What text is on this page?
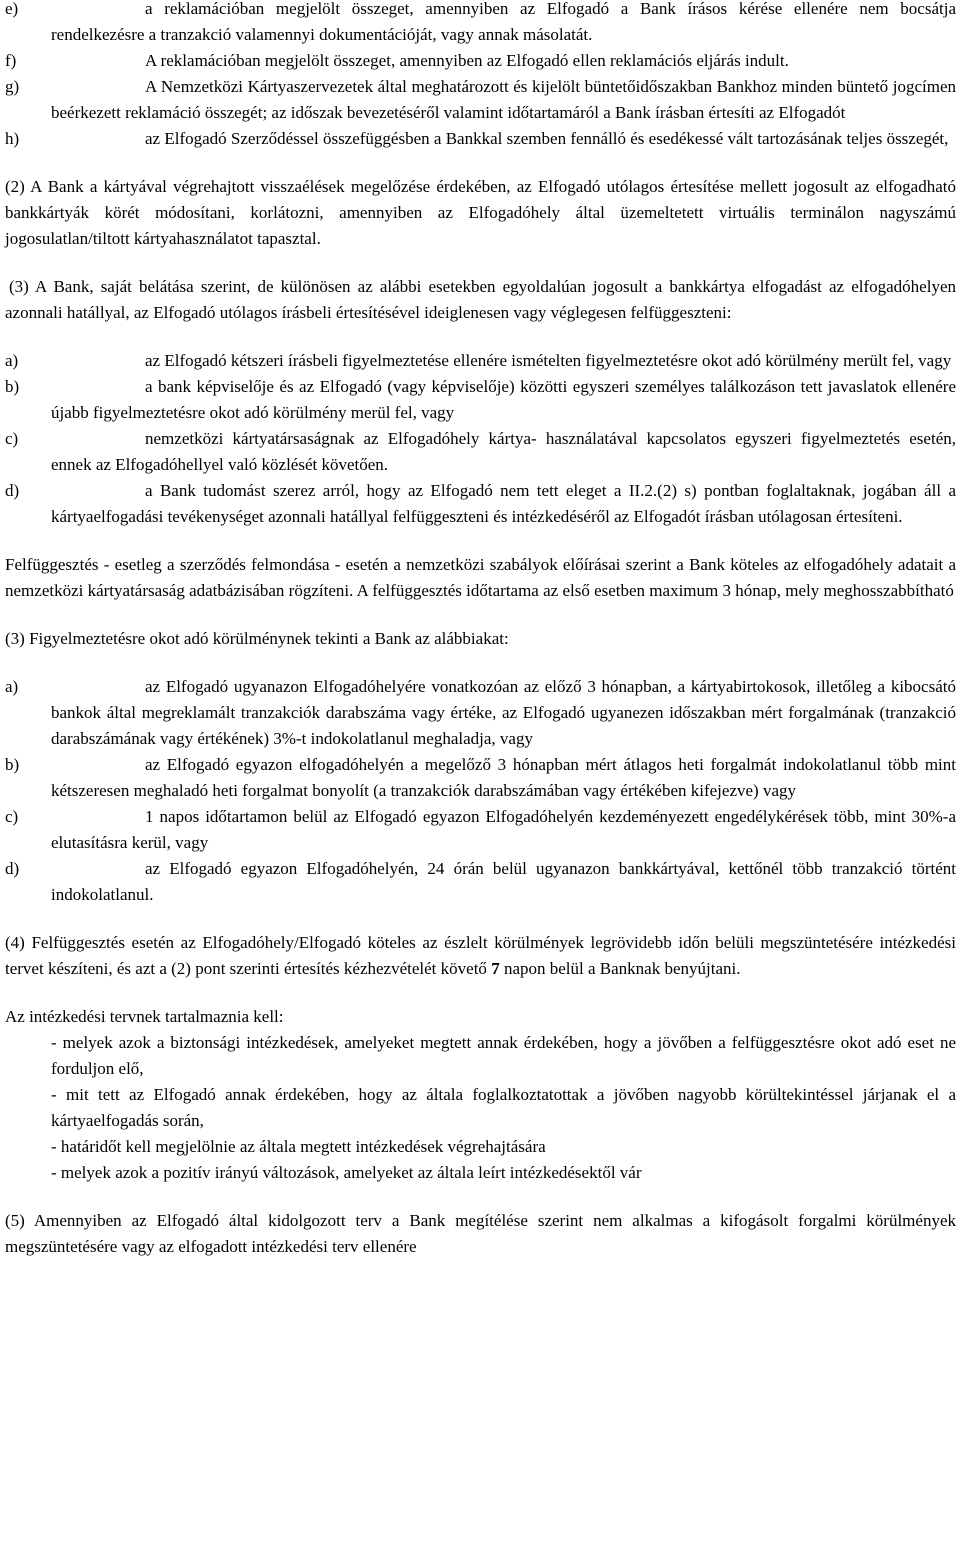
e)	a reklamációban megjelölt összeget, amennyiben az Elfogadó a Bank írásos kérése ellenére nem bocsátja rendelkezésre a tranzakció valamennyi dokumentációját, vagy annak másolatát.
f)	A reklamációban megjelölt összeget, amennyiben az Elfogadó ellen reklamációs eljárás indult.
g)	A Nemzetközi Kártyaszervezetek által meghatározott és kijelölt büntetőidőszakban Bankhoz minden büntető jogcímen beérkezett reklamáció összegét; az időszak bevezetéséről valamint időtartamáról a Bank írásban értesíti az Elfogadót
h)	az Elfogadó Szerződéssel összefüggésben a Bankkal szemben fennálló és esedékessé vált tartozásának teljes összegét,
(2) A Bank a kártyával végrehajtott visszaélések megelőzése érdekében, az Elfogadó utólagos értesítése mellett jogosult az elfogadható bankkártyák körét módosítani, korlátozni, amennyiben az Elfogadóhely által üzemeltetett virtuális terminálon nagyszámú jogosulatlan/tiltott kártyahasználatot tapasztal.
(3) A Bank, saját belátása szerint, de különösen az alábbi esetekben egyoldalúan jogosult a bankkártya elfogadást az elfogadóhelyen azonnali hatállyal, az Elfogadó utólagos írásbeli értesítésével ideiglenesen vagy véglegesen felfüggeszteni:
a)	az Elfogadó kétszeri írásbeli figyelmeztetése ellenére ismételten figyelmeztetésre okot adó körülmény merült fel, vagy
b)	a bank képviselője és az Elfogadó (vagy képviselője) közötti egyszeri személyes találkozáson tett javaslatok ellenére újabb figyelmeztetésre okot adó körülmény merül fel, vagy
c)	nemzetközi kártyatársaságnak az Elfogadóhely kártya- használatával kapcsolatos egyszeri figyelmeztetés esetén, ennek az Elfogadóhellyel való közlését követően.
d)	a Bank tudomást szerez arról, hogy az Elfogadó nem tett eleget a II.2.(2) s) pontban foglaltaknak, jogában áll a kártyaelfogadási tevékenységet azonnali hatállyal felfüggeszteni és intézkedéséről az Elfogadót írásban utólagosan értesíteni.
Felfüggesztés - esetleg a szerződés felmondása - esetén a nemzetközi szabályok előírásai szerint a Bank köteles az elfogadóhely adatait a nemzetközi kártyatársaság adatbázisában rögzíteni. A felfüggesztés időtartama az első esetben maximum 3 hónap, mely meghosszabbítható
(3) Figyelmeztetésre okot adó körülménynek tekinti a Bank az alábbiakat:
a)	az Elfogadó ugyanazon Elfogadóhelyére vonatkozóan az előző 3 hónapban, a kártyabirtokosok, illetőleg a kibocsátó bankok által megreklamált tranzakciók darabszáma vagy értéke, az Elfogadó ugyanezen időszakban mért forgalmának (tranzakció darabszámának vagy értékének) 3%-t indokolatlanul meghaladja, vagy
b)	az Elfogadó egyazon elfogadóhelyén a megelőző 3 hónapban mért átlagos heti forgalmát indokolatlanul több mint kétszeresen meghaladó heti forgalmat bonyolít (a tranzakciók darabszámában vagy értékében kifejezve) vagy
c)	1 napos időtartamon belül az Elfogadó egyazon Elfogadóhelyén kezdeményezett engedélykérések több, mint 30%-a elutasításra kerül, vagy
d)	az Elfogadó egyazon Elfogadóhelyén, 24 órán belül ugyanazon bankkártyával, kettőnél több tranzakció történt indokolatlanul.
(4) Felfüggesztés esetén az Elfogadóhely/Elfogadó köteles az észlelt körülmények legrövidebb időn belüli megszüntetésére intézkedési tervet készíteni, és azt a (2) pont szerinti értesítés kézhezvételét követő 7 napon belül a Banknak benyújtani.
Az intézkedési tervnek tartalmaznia kell:
- melyek azok a biztonsági intézkedések, amelyeket megtett annak érdekében, hogy a jövőben a felfüggesztésre okot adó eset ne forduljon elő,
- mit tett az Elfogadó annak érdekében, hogy az általa foglalkoztatottak a jövőben nagyobb körültekintéssel járjanak el a kártyaelfogadás során,
- határidőt kell megjelölnie az általa megtett intézkedések végrehajtására
- melyek azok a pozitív irányú változások, amelyeket az általa leírt intézkedésektől vár
(5) Amennyiben az Elfogadó által kidolgozott terv a Bank megítélése szerint nem alkalmas a kifogásolt forgalmi körülmények megszüntetésére vagy az elfogadott intézkedési terv ellenére
